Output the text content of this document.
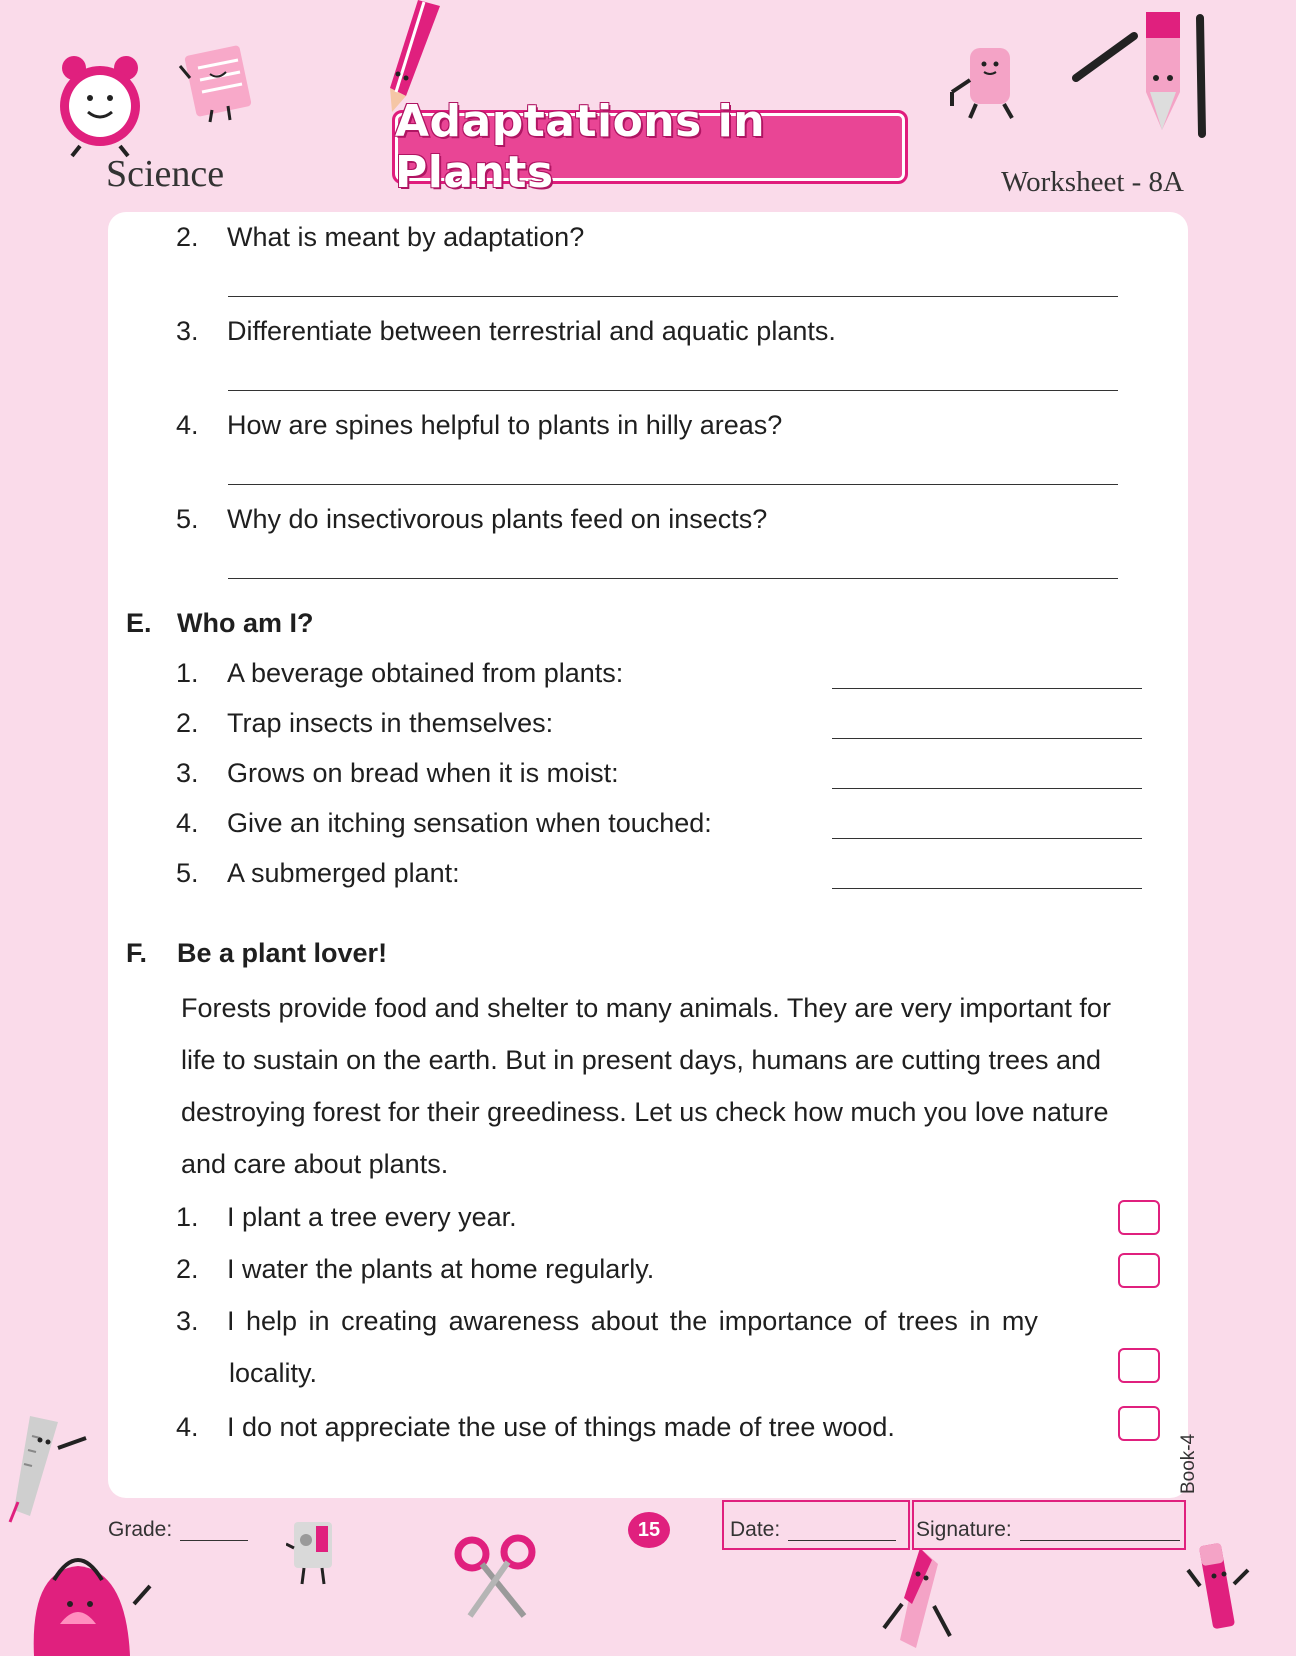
Science
Adaptations in Plants	Worksheet - 8A
2. What is meant by adaptation?
3. Differentiate between terrestrial and aquatic plants.
4. How are spines helpful to plants in hilly areas?
5. Why do insectivorous plants feed on insects?
E. Who am I?
1. A beverage obtained from plants:
2. Trap insects in themselves:
3. Grows on bread when it is moist:
4. Give an itching sensation when touched:
5. A submerged plant:
F. Be a plant lover!
Forests provide food and shelter to many animals. They are very important for
life to sustain on the earth. But in present days, humans are cutting trees and
destroying forest for their greediness. Let us check how much you love nature
and care about plants.
1. I plant a tree every year.
2. I water the plants at home regularly.
3. I help in creating awareness about the importance of trees in my
locality.
4. I do not appreciate the use of things made of tree wood.
Book-4
Grade:	15	Date:	Signature:
